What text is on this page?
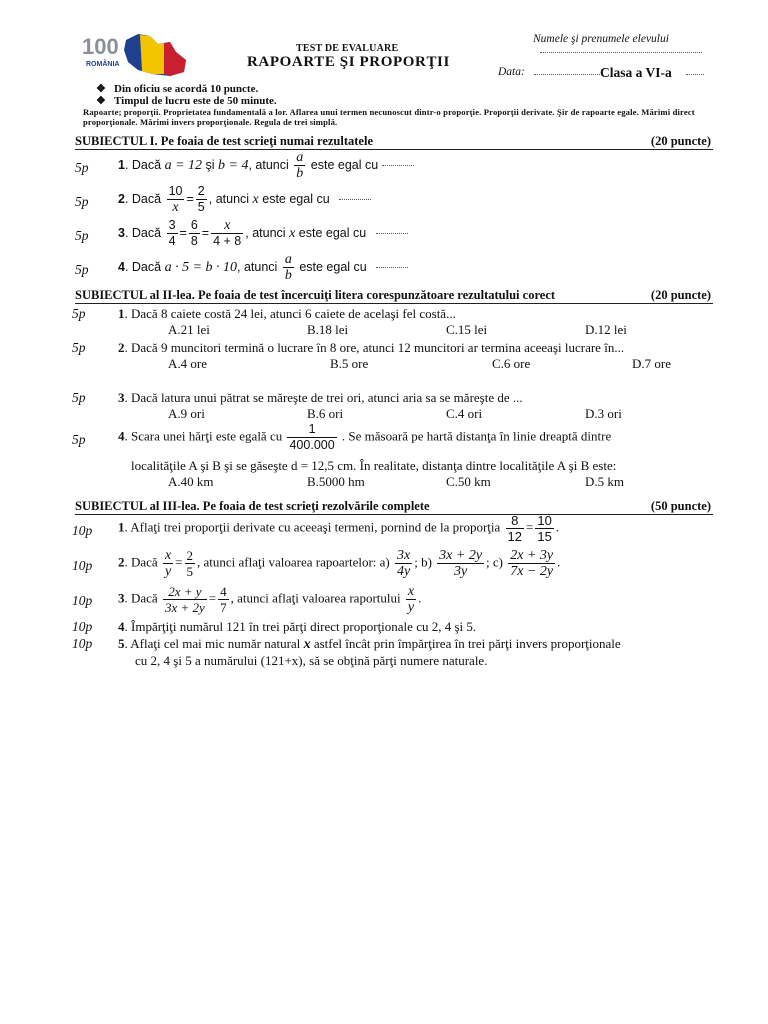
100
ROMÂNIA
TEST DE EVALUARE
RAPOARTE ŞI PROPORŢII
Numele şi prenumele elevului
Data:	Clasa a VI-a
❖ Din oficiu se acordă 10 puncte.
❖ Timpul de lucru este de 50 minute.
Rapoarte; proporţii. Proprietatea fundamentală a lor. Aflarea unui termen necunoscut dintr-o proporţie. Proporţii derivate. Şir de rapoarte egale. Mărimi direct proporţionale. Mărimi invers proporţionale. Regula de trei simplă.
SUBIECTUL I. Pe foaia de test scrieţi numai rezultatele	(20 puncte)
5p 1. Dacă a = 12 şi b = 4, atunci $\frac{a}{b}$ este egal cu
5p 2. Dacă $\frac{10}{x} = \frac{2}{5}$ , atunci x este egal cu
5p 3. Dacă $\frac{3}{4} = \frac{6}{8} = \frac{x}{4 + 8}$ , atunci x este egal cu
5p 4. Dacă a · 5 = b · 10, atunci $\frac{a}{b}$ este egal cu
SUBIECTUL al II-lea. Pe foaia de test încercuiţi litera corespunzătoare rezultatului corect	(20 puncte)
5p	1. Dacă 8 caiete costă 24 lei, atunci 6 caiete de acelaşi fel costă...
A.21 lei	B.18 lei	C.15 lei	D.12 lei
5p	2. Dacă 9 muncitori termină o lucrare în 8 ore, atunci 12 muncitori ar termina aceeaşi lucrare în...
A.4 ore	B.5 ore	C.6 ore	D.7 ore
5p	3. Dacă latura unui pătrat se măreşte de trei ori, atunci aria sa se măreşte de ...
A.9 ori	B.6 ori	C.4 ori	D.3 ori
5p	4. Scara unei hărţi este egală cu $\frac{1}{400.000}$ . Se măsoară pe hartă distanţa în linie dreaptă dintre
localităţile A şi B şi se găseşte d = 12,5 cm. În realitate, distanţa dintre localităţile A şi B este:
A.40 km	B.5000 hm	C.50 km	D.5 km
SUBIECTUL al III-lea. Pe foaia de test scrieţi rezolvările complete	(50 puncte)
10p 1. Aflaţi trei proporţii derivate cu aceeaşi termeni, pornind de la proporţia $\frac{8}{12} = \frac{10}{15}$ .
10p 2. Dacă $\frac{x}{y} = \frac{2}{5}$ , atunci aflaţi valoarea rapoartelor: $a) \frac{3x}{4y}$ ; $b) \frac{3x + 2y}{3y}$ ; $c) \frac{2x + 3y}{7x - 2y}$ .
10p 3. Dacă $\frac{2x + y}{3x + 2y} = \frac{4}{7}$ , atunci aflaţi valoarea raportului $\frac{x}{y}$ .
10p 4. Împărţiţi numărul 121 în trei părţi direct proporţionale cu 2, 4 şi 5.
10p 5. Aflaţi cel mai mic număr natural x astfel încât prin împărţirea în trei părţi invers proporţionale
cu 2, 4 şi 5 a numărului (121+x), să se obţină părţi numere naturale.
